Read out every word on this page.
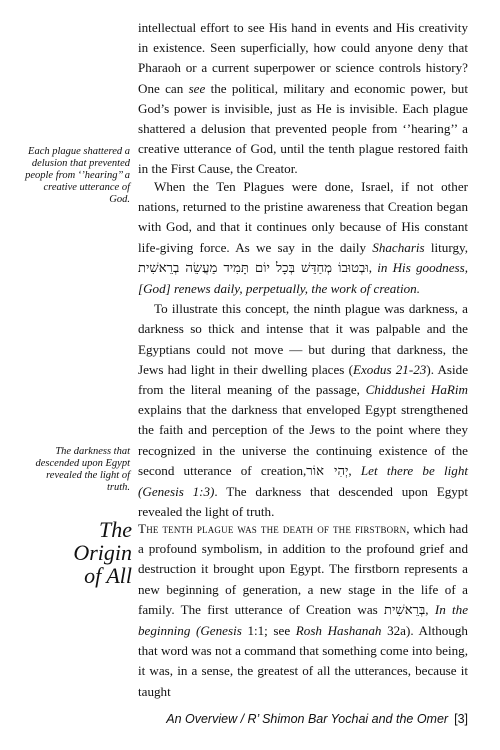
intellectual effort to see His hand in events and His creativity in existence. Seen superficially, how could anyone deny that Pharaoh or a current superpower or science controls history? One can see the political, military and economic power, but God’s power is invisible, just as He is invisible. Each plague shattered a delusion that prevented people from ‘’hearing’’ a creative utterance of God, until the tenth plague restored faith in the First Cause, the Creator.

Each plague shattered a delusion that prevented people from ‘’hearing’’ a creative utterance of God.

When the Ten Plagues were done, Israel, if not other nations, returned to the pristine awareness that Creation began with God, and that it continues only because of His constant life-giving force. As we say in the daily Shacharis liturgy, וּבְטוּבוֹ מְחַדֵּשׁ בְּכָל יוֹם תָּמִיד מַעֲשֵׂה בְרֵאשִׁית, in His goodness, [God] renews daily, perpetually, the work of creation.

To illustrate this concept, the ninth plague was darkness, a darkness so thick and intense that it was palpable and the Egyptians could not move — but during that darkness, the Jews had light in their dwelling places (Exodus 21-23). Aside from the literal meaning of the passage, Chiddushei HaRim explains that the darkness that enveloped Egypt strengthened the faith and perception of the Jews to the point where they recognized in the universe the continuing existence of the second utterance of creation,יְהִי אוֹר, Let there be light (Genesis 1:3). The darkness that descended upon Egypt revealed the light of truth.

The darkness that descended upon Egypt revealed the light of truth.
The
Origin
of All

The tenth plague was the death of the firstborn, which had a profound symbolism, in addition to the profound grief and destruction it brought upon Egypt. The firstborn represents a new beginning of generation, a new stage in the life of a family. The first utterance of Creation was בְּרֵאשִׁית, In the beginning (Genesis 1:1; see Rosh Hashanah 32a). Although that word was not a command that something come into being, it was, in a sense, the greatest of all the utterances, because it taught

An Overview / R’ Shimon Bar Yochai and the Omer [3]
